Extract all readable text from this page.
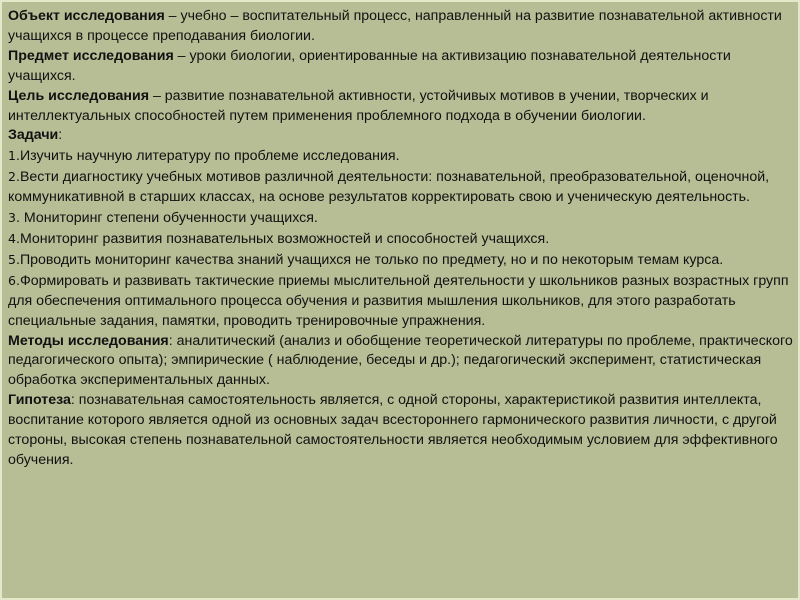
Объект исследования – учебно – воспитательный процесс, направленный на развитие познавательной активности учащихся в процессе преподавания биологии.

Предмет исследования – уроки биологии, ориентированные на активизацию познавательной деятельности учащихся.

Цель исследования – развитие познавательной активности, устойчивых мотивов в учении, творческих и интеллектуальных способностей путем применения проблемного подхода в обучении биологии.

Задачи:

1.Изучить научную литературу по проблеме исследования.

2.Вести диагностику учебных мотивов различной деятельности: познавательной, преобразовательной, оценочной, коммуникативной в старших классах, на основе результатов корректировать свою и ученическую деятельность.

3. Мониторинг степени обученности учащихся.

4.Мониторинг развития познавательных возможностей и способностей учащихся.

5.Проводить мониторинг качества знаний учащихся не только по предмету, но и по некоторым темам курса.

6.Формировать и развивать тактические приемы мыслительной деятельности у школьников разных возрастных групп для обеспечения оптимального процесса обучения и развития мышления школьников, для этого разработать специальные задания, памятки, проводить тренировочные упражнения.

Методы исследования: аналитический (анализ и обобщение теоретической литературы по проблеме, практического педагогического опыта); эмпирические ( наблюдение, беседы и др.); педагогический эксперимент, статистическая обработка экспериментальных данных.

Гипотеза: познавательная самостоятельность является, с одной стороны, характеристикой развития интеллекта, воспитание которого является одной из основных задач всестороннего гармонического развития личности, с другой стороны, высокая степень познавательной самостоятельности является необходимым условием для эффективного обучения.
